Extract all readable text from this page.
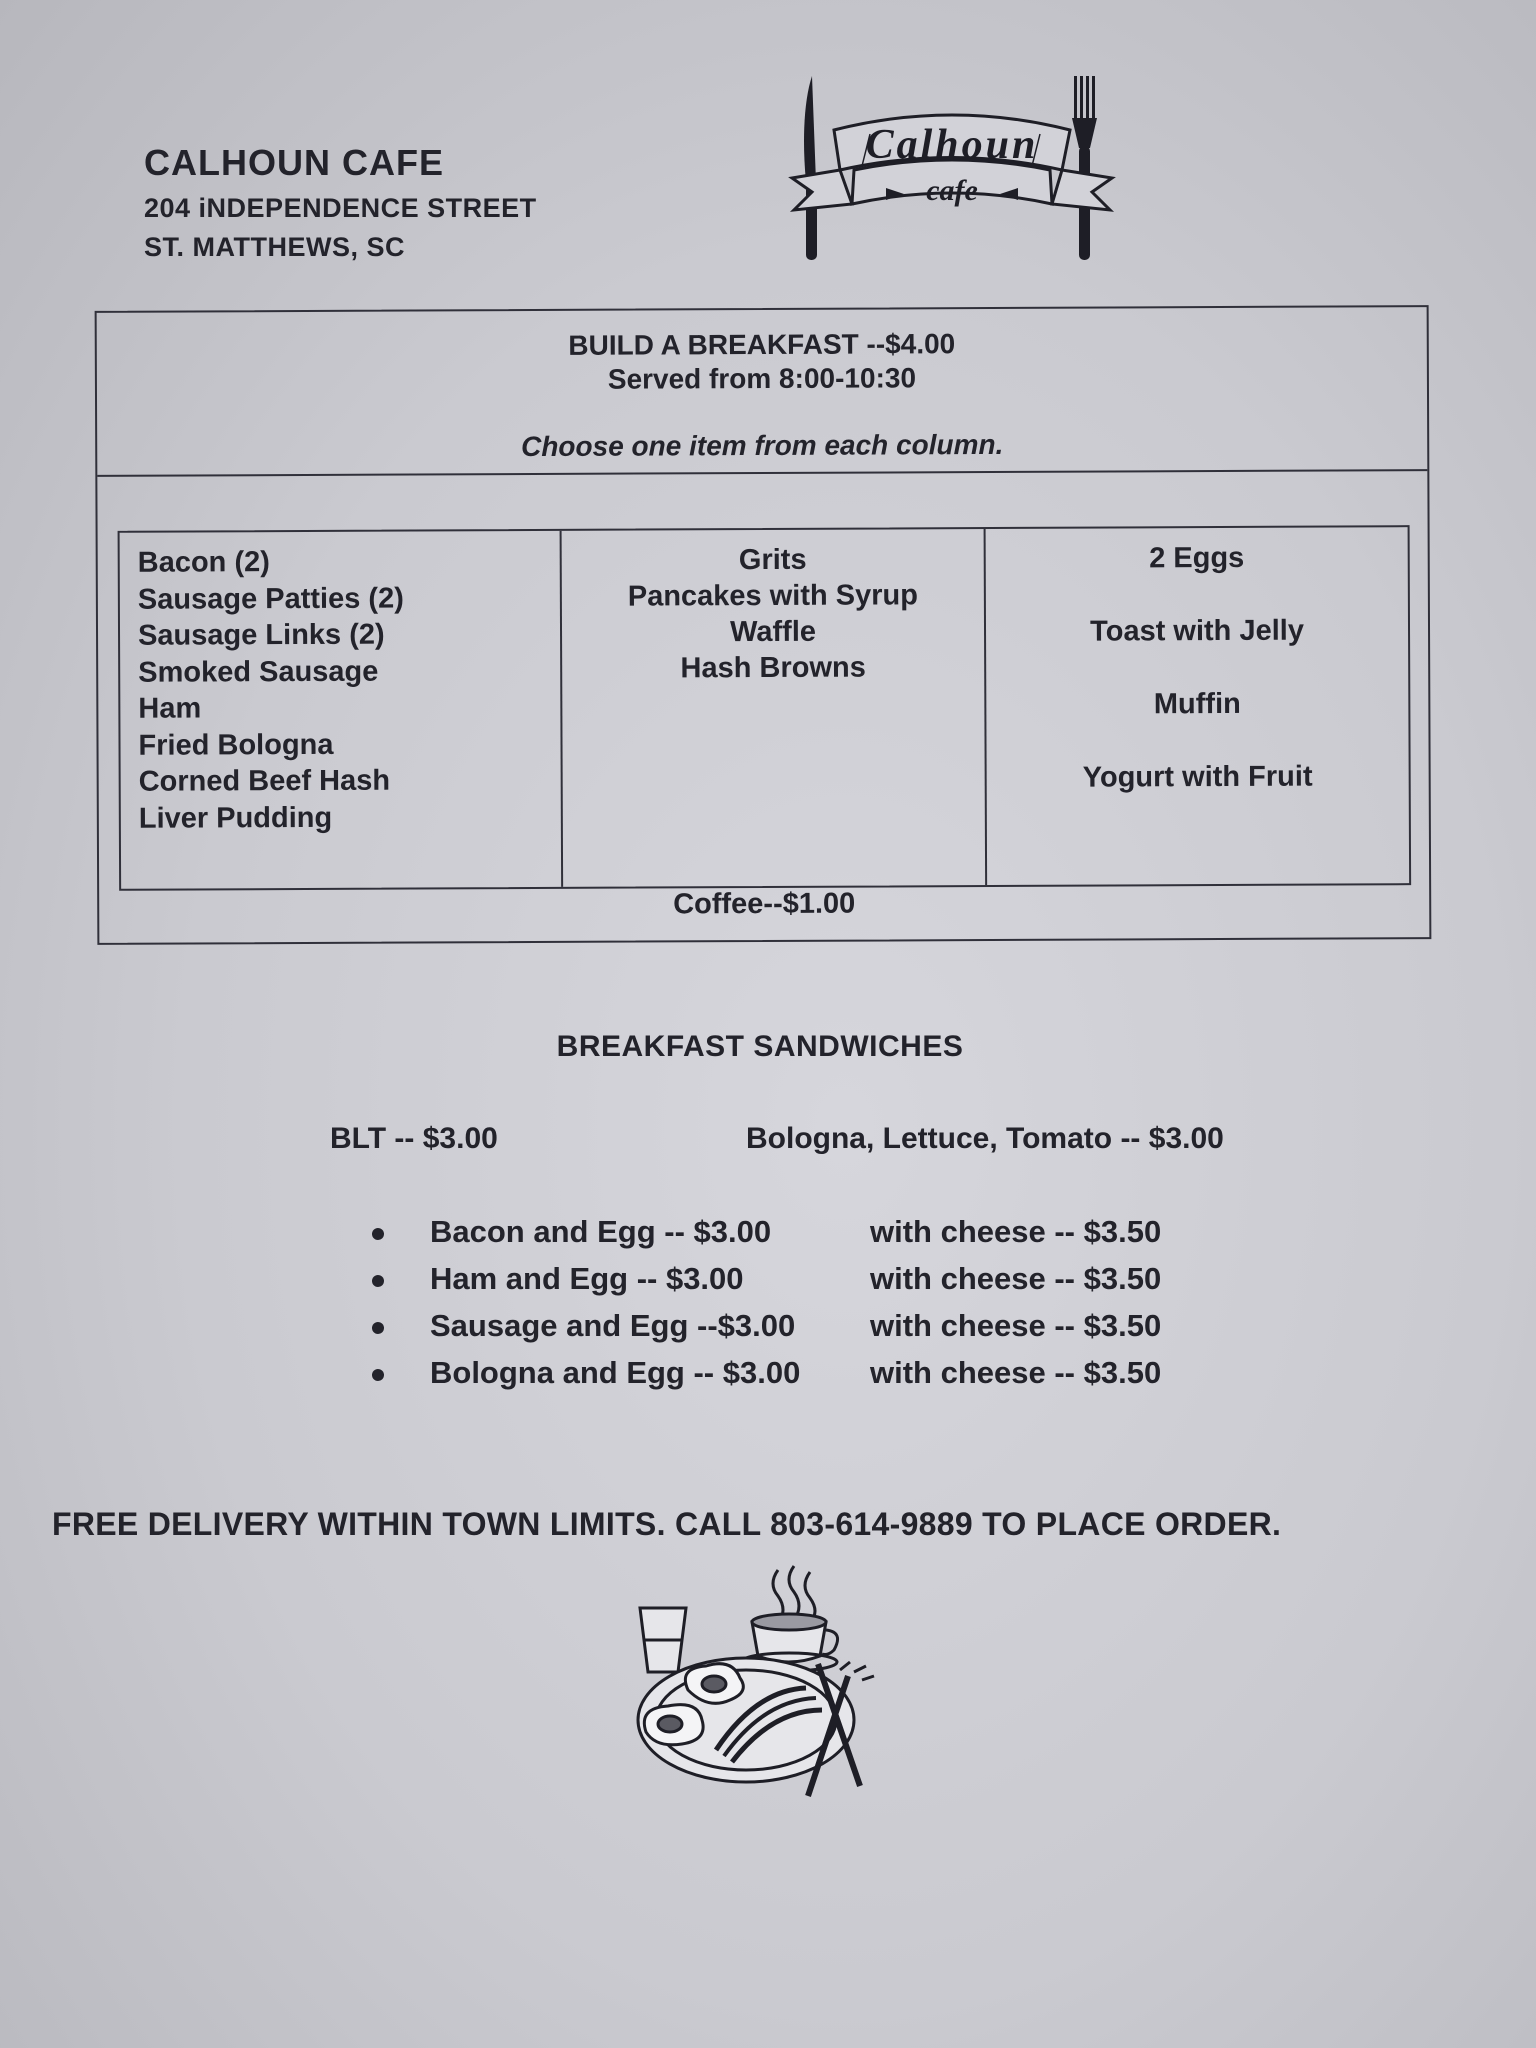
CALHOUN CAFE
204 iNDEPENDENCE STREET
ST. MATTHEWS, SC
Calhoun
cafe
BUILD A BREAKFAST --$4.00
Served from 8:00-10:30
Choose one item from each column.
Bacon (2)
Sausage Patties (2)
Sausage Links (2)
Smoked Sausage
Ham
Fried Bologna
Corned Beef Hash
Liver Pudding
Grits
Pancakes with Syrup
Waffle
Hash Browns
2 Eggs
Toast with Jelly
Muffin
Yogurt with Fruit
Coffee--$1.00
BREAKFAST SANDWICHES
BLT -- $3.00	Bologna, Lettuce, Tomato -- $3.00
Bacon and Egg -- $3.00	with cheese -- $3.50
Ham and Egg -- $3.00	with cheese -- $3.50
Sausage and Egg --$3.00 with cheese -- $3.50
Bologna and Egg -- $3.00 with cheese -- $3.50
FREE DELIVERY WITHIN TOWN LIMITS. CALL 803-614-9889 TO PLACE ORDER.
